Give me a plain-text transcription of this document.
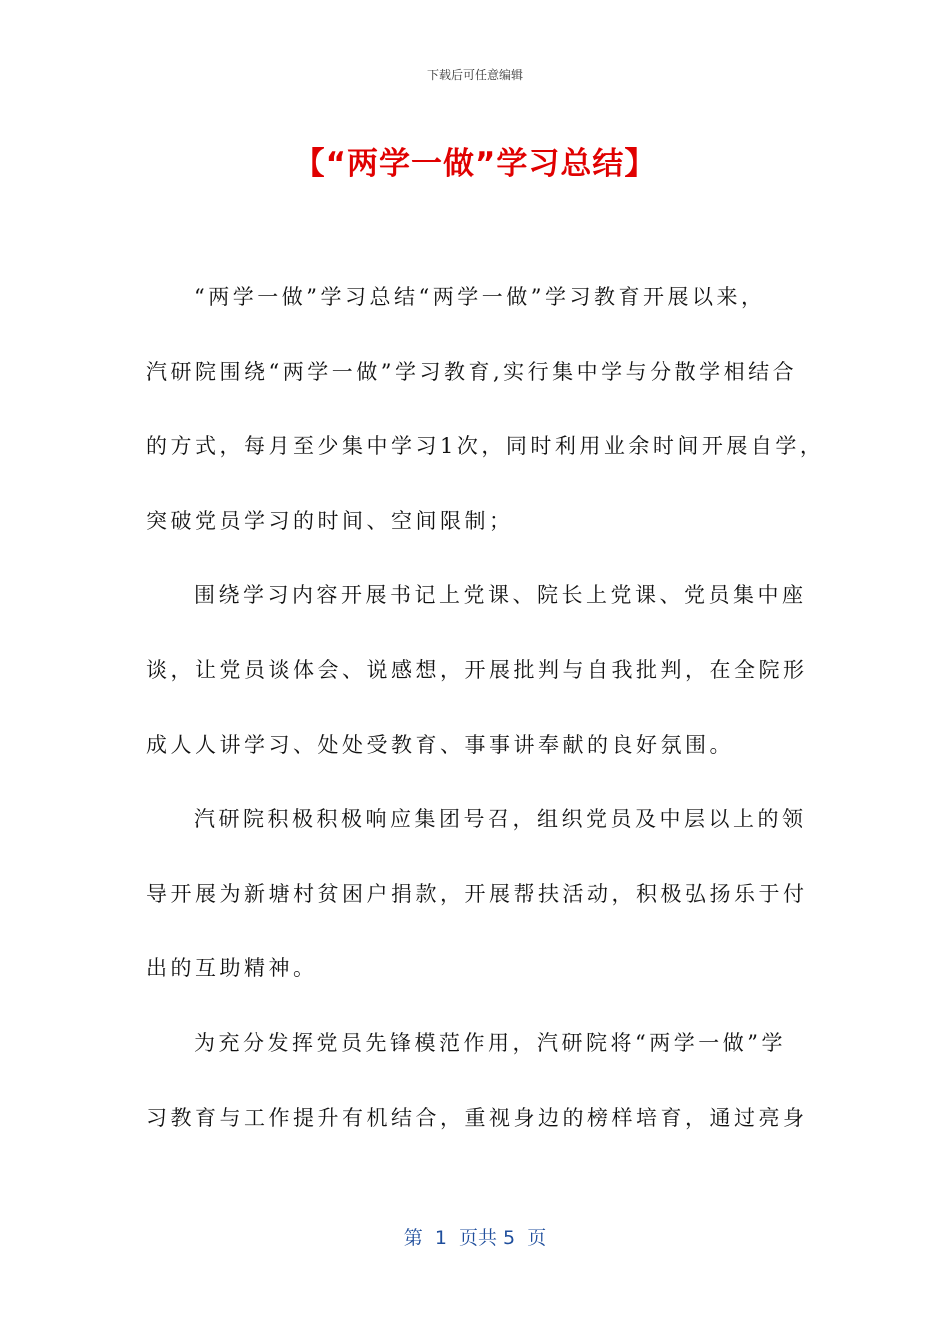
下载后可任意编辑
【“两学一做”学习总结】
“两学一做”学习总结“两学一做”学习教育开展以来，
汽研院围绕“两学一做”学习教育,实行集中学与分散学相结合
的方式，每月至少集中学习1次，同时利用业余时间开展自学，
突破党员学习的时间、空间限制；
围绕学习内容开展书记上党课、院长上党课、党员集中座
谈，让党员谈体会、说感想，开展批判与自我批判，在全院形
成人人讲学习、处处受教育、事事讲奉献的良好氛围。
汽研院积极积极响应集团号召，组织党员及中层以上的领
导开展为新塘村贫困户捐款，开展帮扶活动，积极弘扬乐于付
出的互助精神。
为充分发挥党员先锋模范作用，汽研院将“两学一做”学
习教育与工作提升有机结合，重视身边的榜样培育，通过亮身
第  1  页共 5  页
